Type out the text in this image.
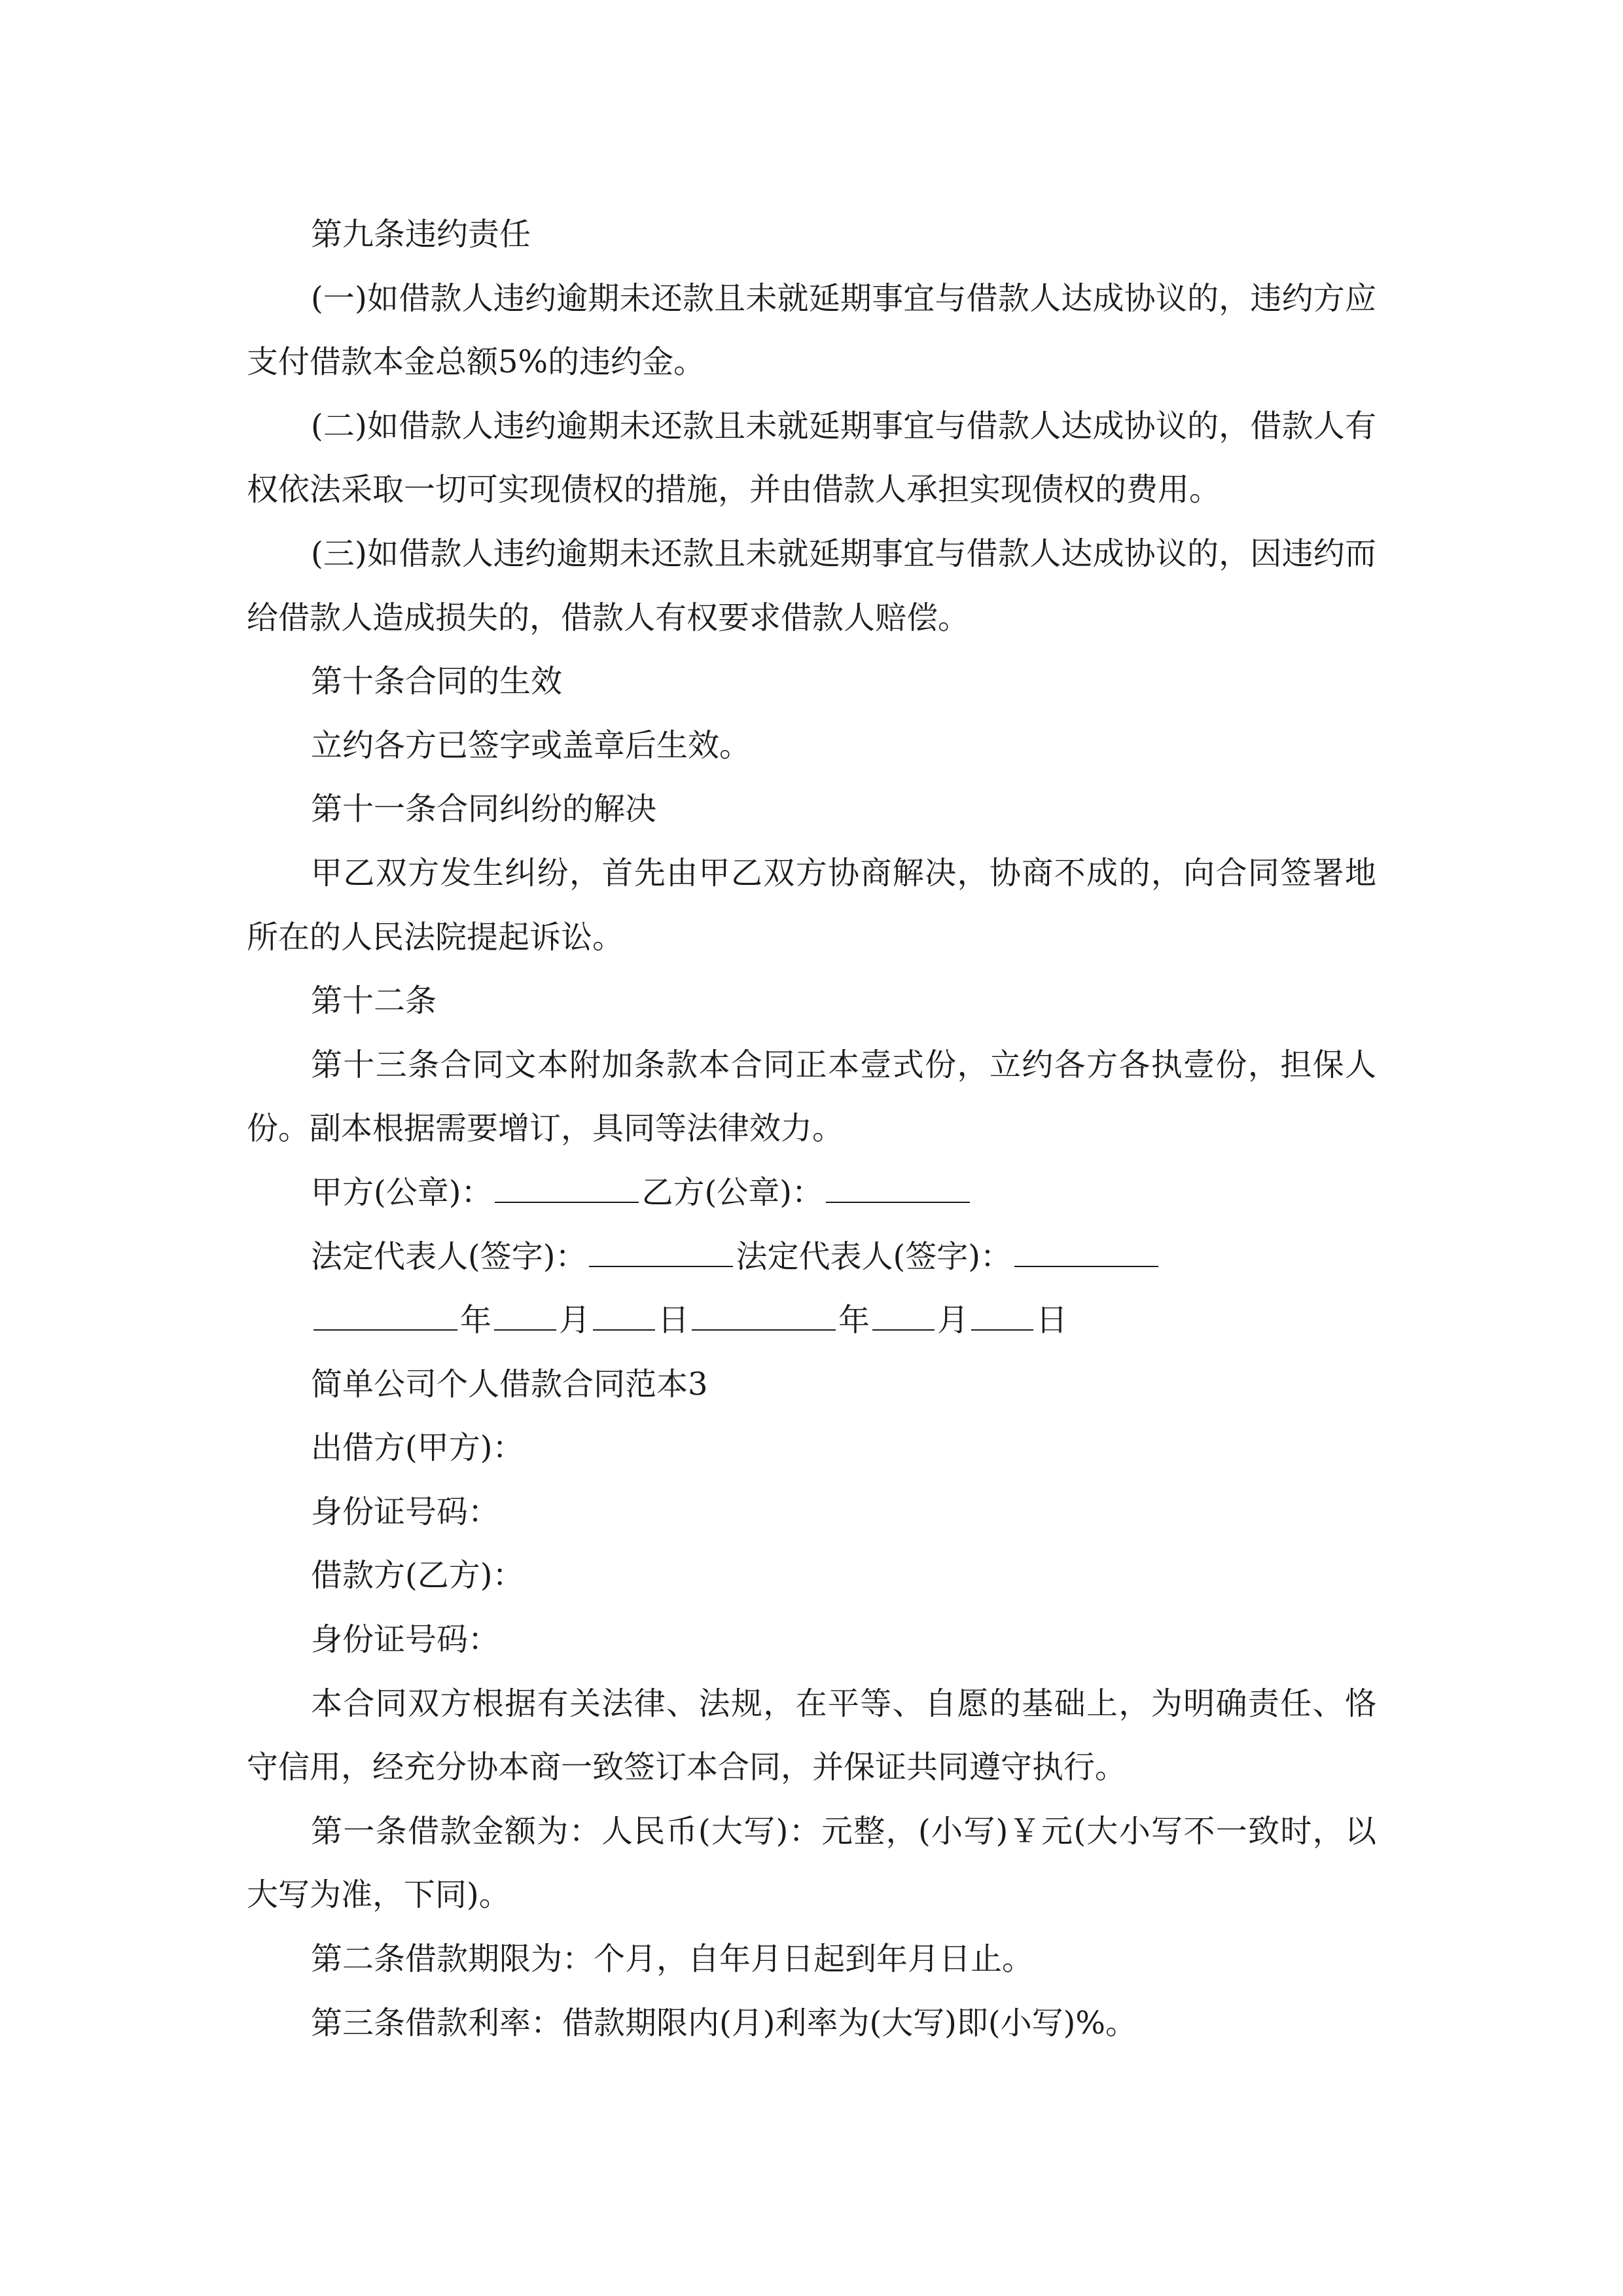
第九条违约责任

(一)如借款人违约逾期未还款且未就延期事宜与借款人达成协议的，违约方应支付借款本金总额5%的违约金。

(二)如借款人违约逾期未还款且未就延期事宜与借款人达成协议的，借款人有权依法采取一切可实现债权的措施，并由借款人承担实现债权的费用。

(三)如借款人违约逾期未还款且未就延期事宜与借款人达成协议的，因违约而给借款人造成损失的，借款人有权要求借款人赔偿。

第十条合同的生效

立约各方已签字或盖章后生效。

第十一条合同纠纷的解决

甲乙双方发生纠纷，首先由甲乙双方协商解决，协商不成的，向合同签署地所在的人民法院提起诉讼。

第十二条

第十三条合同文本附加条款本合同正本壹式份，立约各方各执壹份，担保人份。副本根据需要增订，具同等法律效力。

甲方(公章)：	乙方(公章)：

法定代表人(签字)：	法定代表人(签字)：

年 月 日	年 月 日

简单公司个人借款合同范本3

出借方(甲方)：

身份证号码：

借款方(乙方)：

身份证号码：

本合同双方根据有关法律、法规，在平等、自愿的基础上，为明确责任、恪守信用，经充分协本商一致签订本合同，并保证共同遵守执行。

第一条借款金额为：人民币(大写)：元整，(小写)￥元(大小写不一致时，以大写为准，下同)。

第二条借款期限为：个月，自年月日起到年月日止。

第三条借款利率：借款期限内(月)利率为(大写)即(小写)%。
